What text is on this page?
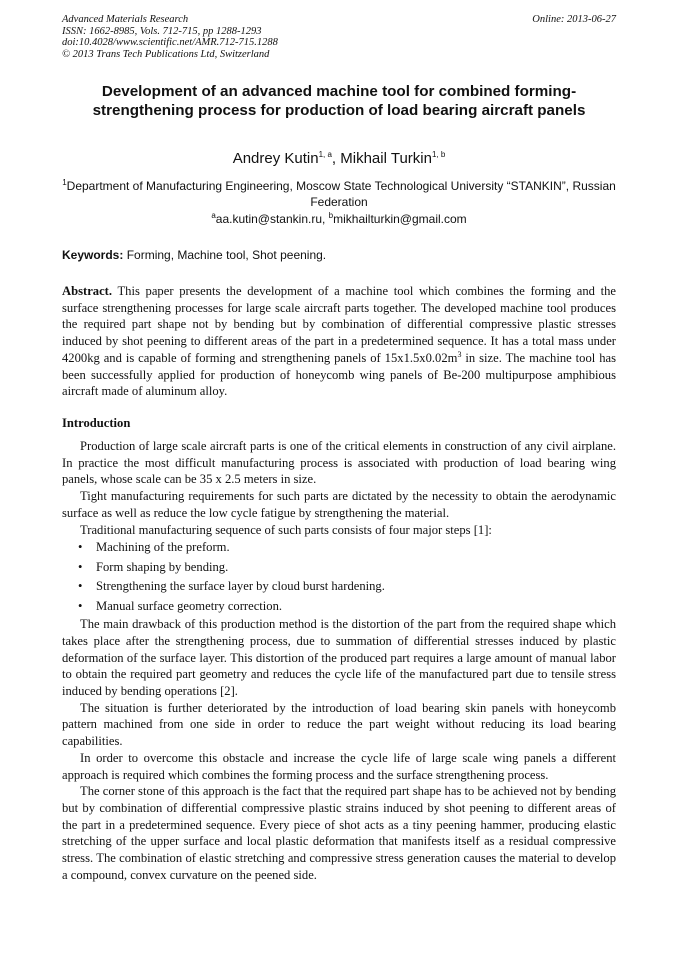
Advanced Materials Research
ISSN: 1662-8985, Vols. 712-715, pp 1288-1293
doi:10.4028/www.scientific.net/AMR.712-715.1288
© 2013 Trans Tech Publications Ltd, Switzerland
Online: 2013-06-27
Development of an advanced machine tool for combined forming-strengthening process for production of load bearing aircraft panels
Andrey Kutin$^{1, a}$, Mikhail Turkin$^{1, b}$
$^1$Department of Manufacturing Engineering, Moscow State Technological University “STANKIN”, Russian Federation
$^a$aa.kutin@stankin.ru, $^b$mikhailturkin@gmail.com
Keywords: Forming, Machine tool, Shot peening.
Abstract. This paper presents the development of a machine tool which combines the forming and the surface strengthening processes for large scale aircraft parts together. The developed machine tool produces the required part shape not by bending but by combination of differential compressive plastic stresses induced by shot peening to different areas of the part in a predetermined sequence. It has a total mass under 4200kg and is capable of forming and strengthening panels of $15x1.5x0.02m^3$ in size. The machine tool has been successfully applied for production of honeycomb wing panels of Be-200 multipurpose amphibious aircraft made of aluminum alloy.
Introduction

Production of large scale aircraft parts is one of the critical elements in construction of any civil airplane. In practice the most difficult manufacturing process is associated with production of load bearing wing panels, whose scale can be 35 x 2.5 meters in size.

Tight manufacturing requirements for such parts are dictated by the necessity to obtain the aerodynamic surface as well as reduce the low cycle fatigue by strengthening the material.

Traditional manufacturing sequence of such parts consists of four major steps [1]:

• Machining of the preform.
• Form shaping by bending.
• Strengthening the surface layer by cloud burst hardening.
• Manual surface geometry correction.

The main drawback of this production method is the distortion of the part from the required shape which takes place after the strengthening process, due to summation of differential stresses induced by plastic deformation of the surface layer. This distortion of the produced part requires a large amount of manual labor to obtain the required part geometry and reduces the cycle life of the manufactured part due to tensile stress induced by bending operations [2].

The situation is further deteriorated by the introduction of load bearing skin panels with honeycomb pattern machined from one side in order to reduce the part weight without reducing its load bearing capabilities.

In order to overcome this obstacle and increase the cycle life of large scale wing panels a different approach is required which combines the forming process and the surface strengthening process.

The corner stone of this approach is the fact that the required part shape has to be achieved not by bending but by combination of differential compressive plastic strains induced by shot peening to different areas of the part in a predetermined sequence. Every piece of shot acts as a tiny peening hammer, producing elastic stretching of the upper surface and local plastic deformation that manifests itself as a residual compressive stress. The combination of elastic stretching and compressive stress generation causes the material to develop a compound, convex curvature on the peened side.
